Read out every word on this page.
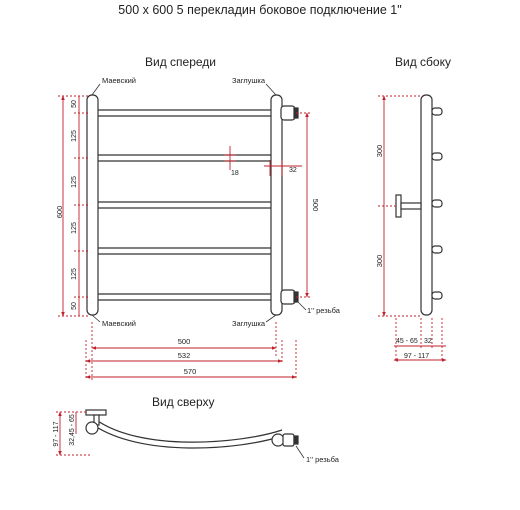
500 x 600 5 перекладин боковое подключение 1"
Вид спереди	Вид сбоку
Вид сверху
Маевский	Заглушка
Маевский	Заглушка
1'' резьба
600
50
125
125
125
125
50
500
18	32
500
532
570
300
300
45 - 65 32
97 - 117
97 - 117 32,45 - 65
1'' резьба
